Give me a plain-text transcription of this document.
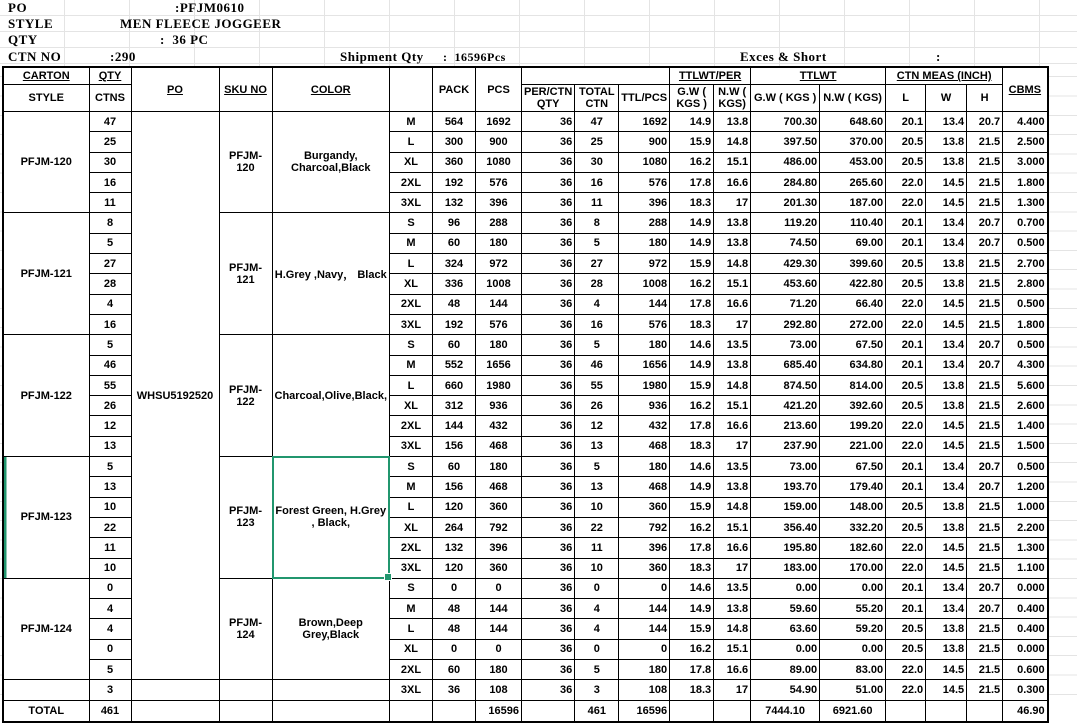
PO	:PFJM0610
STYLE	MEN FLEECE JOGGEER
QTY	:  36 PC
CTN NO	:290	Shipment Qty :  16596Pcs	Exces & Short	:
CARTON	QTY	PO	SKU NO	COLOR		PACK	PCS				TTLWT/PER		TTLWT		CTN MEAS (INCH)			CBMS
STYLE	CTNS							PER/CTN QTY	TOTAL CTN	TTL/PCS	G.W ( KGS )	N.W ( KGS)	G.W ( KGS )	N.W ( KGS)	L	W	H	
PFJM-120	47	WHSU5192520	PFJM-120	Burgandy, Charcoal,Black	M	564	1692	36	47	1692	14.9	13.8	700.30	648.60	20.1	13.4	20.7	4.400
	25				L	300	900	36	25	900	15.9	14.8	397.50	370.00	20.5	13.8	21.5	2.500
	30				XL	360	1080	36	30	1080	16.2	15.1	486.00	453.00	20.5	13.8	21.5	3.000
	16				2XL	192	576	36	16	576	17.8	16.6	284.80	265.60	22.0	14.5	21.5	1.800
	11				3XL	132	396	36	11	396	18.3	17	201.30	187.00	22.0	14.5	21.5	1.300
PFJM-121	8		PFJM-121	H.Grey ,Navy， Black	S	96	288	36	8	288	14.9	13.8	119.20	110.40	20.1	13.4	20.7	0.700
	5				M	60	180	36	5	180	14.9	13.8	74.50	69.00	20.1	13.4	20.7	0.500
	27				L	324	972	36	27	972	15.9	14.8	429.30	399.60	20.5	13.8	21.5	2.700
	28				XL	336	1008	36	28	1008	16.2	15.1	453.60	422.80	20.5	13.8	21.5	2.800
	4				2XL	48	144	36	4	144	17.8	16.6	71.20	66.40	22.0	14.5	21.5	0.500
	16				3XL	192	576	36	16	576	18.3	17	292.80	272.00	22.0	14.5	21.5	1.800
PFJM-122	5		PFJM-122	Charcoal,Olive,Black,	S	60	180	36	5	180	14.6	13.5	73.00	67.50	20.1	13.4	20.7	0.500
	46				M	552	1656	36	46	1656	14.9	13.8	685.40	634.80	20.1	13.4	20.7	4.300
	55				L	660	1980	36	55	1980	15.9	14.8	874.50	814.00	20.5	13.8	21.5	5.600
	26				XL	312	936	36	26	936	16.2	15.1	421.20	392.60	20.5	13.8	21.5	2.600
	12				2XL	144	432	36	12	432	17.8	16.6	213.60	199.20	22.0	14.5	21.5	1.400
	13				3XL	156	468	36	13	468	18.3	17	237.90	221.00	22.0	14.5	21.5	1.500
PFJM-123	5		PFJM-123	Forest Green, H.Grey , Black,	S	60	180	36	5	180	14.6	13.5	73.00	67.50	20.1	13.4	20.7	0.500
	13				M	156	468	36	13	468	14.9	13.8	193.70	179.40	20.1	13.4	20.7	1.200
	10				L	120	360	36	10	360	15.9	14.8	159.00	148.00	20.5	13.8	21.5	1.000
	22				XL	264	792	36	22	792	16.2	15.1	356.40	332.20	20.5	13.8	21.5	2.200
	11				2XL	132	396	36	11	396	17.8	16.6	195.80	182.60	22.0	14.5	21.5	1.300
	10				3XL	120	360	36	10	360	18.3	17	183.00	170.00	22.0	14.5	21.5	1.100
PFJM-124	0		PFJM-124	Brown,Deep Grey,Black	S	0	0	36	0	0	14.6	13.5	0.00	0.00	20.1	13.4	20.7	0.000
	4				M	48	144	36	4	144	14.9	13.8	59.60	55.20	20.1	13.4	20.7	0.400
	4				L	48	144	36	4	144	15.9	14.8	63.60	59.20	20.5	13.8	21.5	0.400
	0				XL	0	0	36	0	0	16.2	15.1	0.00	0.00	20.5	13.8	21.5	0.000
	5				2XL	60	180	36	5	180	17.8	16.6	89.00	83.00	22.0	14.5	21.5	0.600
	3				3XL	36	108	36	3	108	18.3	17	54.90	51.00	22.0	14.5	21.5	0.300
TOTAL	461						16596		461	16596			7444.10	6921.60				46.90
